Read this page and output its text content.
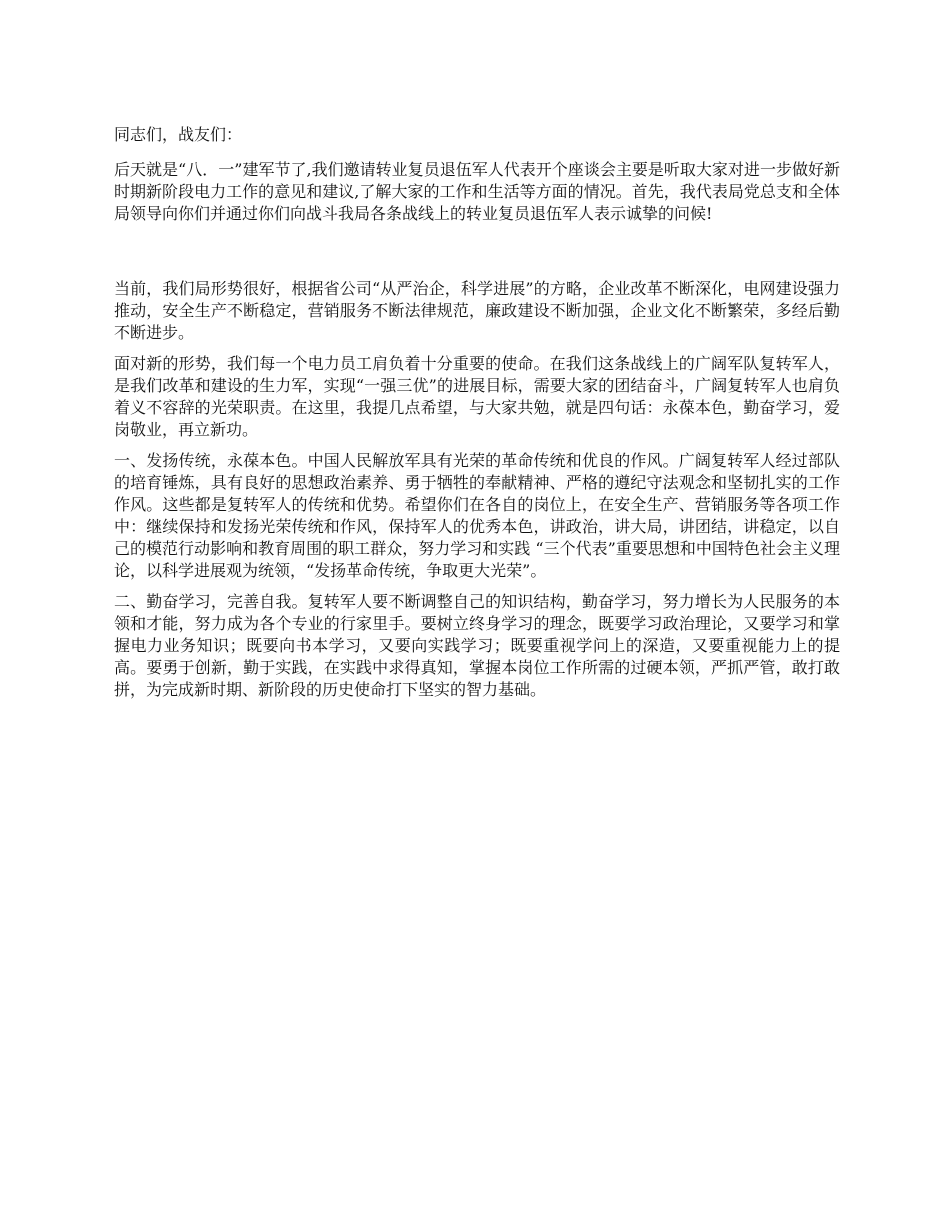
同志们，战友们：

后天就是“八．一”建军节了,我们邀请转业复员退伍军人代表开个座谈会主要是听取大家对进一步做好新时期新阶段电力工作的意见和建议,了解大家的工作和生活等方面的情况。首先，我代表局党总支和全体局领导向你们并通过你们向战斗我局各条战线上的转业复员退伍军人表示诚挚的问候!

当前，我们局形势很好，根据省公司“从严治企，科学进展”的方略，企业改革不断深化，电网建设强力推动，安全生产不断稳定，营销服务不断法律规范，廉政建设不断加强，企业文化不断繁荣，多经后勤不断进步。

面对新的形势，我们每一个电力员工肩负着十分重要的使命。在我们这条战线上的广阔军队复转军人，是我们改革和建设的生力军，实现“一强三优”的进展目标，需要大家的团结奋斗，广阔复转军人也肩负着义不容辞的光荣职责。在这里，我提几点希望，与大家共勉，就是四句话：永葆本色，勤奋学习，爱岗敬业，再立新功。

一、发扬传统，永葆本色。中国人民解放军具有光荣的革命传统和优良的作风。广阔复转军人经过部队的培育锤炼，具有良好的思想政治素养、勇于牺牲的奉献精神、严格的遵纪守法观念和坚韧扎实的工作作风。这些都是复转军人的传统和优势。希望你们在各自的岗位上，在安全生产、营销服务等各项工作中：继续保持和发扬光荣传统和作风，保持军人的优秀本色，讲政治，讲大局，讲团结，讲稳定，以自己的模范行动影响和教育周围的职工群众，努力学习和实践 “三个代表”重要思想和中国特色社会主义理论，以科学进展观为统领，“发扬革命传统，争取更大光荣”。

二、勤奋学习，完善自我。复转军人要不断调整自己的知识结构，勤奋学习，努力增长为人民服务的本领和才能，努力成为各个专业的行家里手。要树立终身学习的理念，既要学习政治理论，又要学习和掌握电力业务知识；既要向书本学习，又要向实践学习；既要重视学问上的深造，又要重视能力上的提高。要勇于创新，勤于实践，在实践中求得真知，掌握本岗位工作所需的过硬本领，严抓严管，敢打敢拼，为完成新时期、新阶段的历史使命打下坚实的智力基础。
